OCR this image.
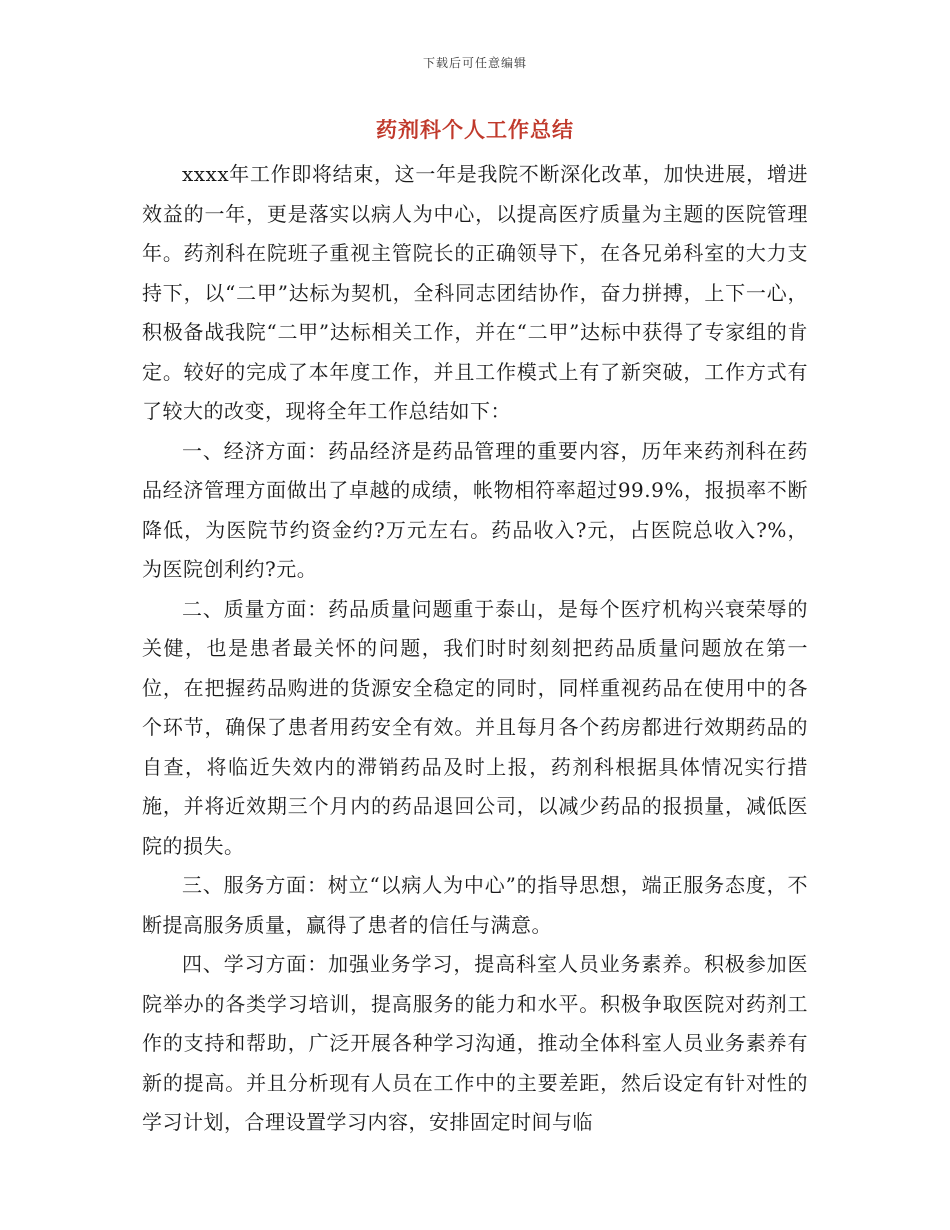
下载后可任意编辑
药剂科个人工作总结

xxxx年工作即将结束，这一年是我院不断深化改革，加快进展，增进效益的一年，更是落实以病人为中心，以提高医疗质量为主题的医院管理年。药剂科在院班子重视主管院长的正确领导下，在各兄弟科室的大力支持下，以“二甲”达标为契机，全科同志团结协作，奋力拼搏，上下一心，积极备战我院“二甲”达标相关工作，并在“二甲”达标中获得了专家组的肯定。较好的完成了本年度工作，并且工作模式上有了新突破，工作方式有了较大的改变，现将全年工作总结如下：

一、经济方面：药品经济是药品管理的重要内容，历年来药剂科在药品经济管理方面做出了卓越的成绩，帐物相符率超过99.9%，报损率不断降低，为医院节约资金约?万元左右。药品收入?元，占医院总收入?%，为医院创利约?元。

二、质量方面：药品质量问题重于泰山，是每个医疗机构兴衰荣辱的关健，也是患者最关怀的问题，我们时时刻刻把药品质量问题放在第一位，在把握药品购进的货源安全稳定的同时，同样重视药品在使用中的各个环节，确保了患者用药安全有效。并且每月各个药房都进行效期药品的自查，将临近失效内的滞销药品及时上报，药剂科根据具体情况实行措施，并将近效期三个月内的药品退回公司，以减少药品的报损量，减低医院的损失。

三、服务方面：树立“以病人为中心”的指导思想，端正服务态度，不断提高服务质量，赢得了患者的信任与满意。

四、学习方面：加强业务学习，提高科室人员业务素养。积极参加医院举办的各类学习培训，提高服务的能力和水平。积极争取医院对药剂工作的支持和帮助，广泛开展各种学习沟通，推动全体科室人员业务素养有新的提高。并且分析现有人员在工作中的主要差距，然后设定有针对性的学习计划，合理设置学习内容，安排固定时间与临
